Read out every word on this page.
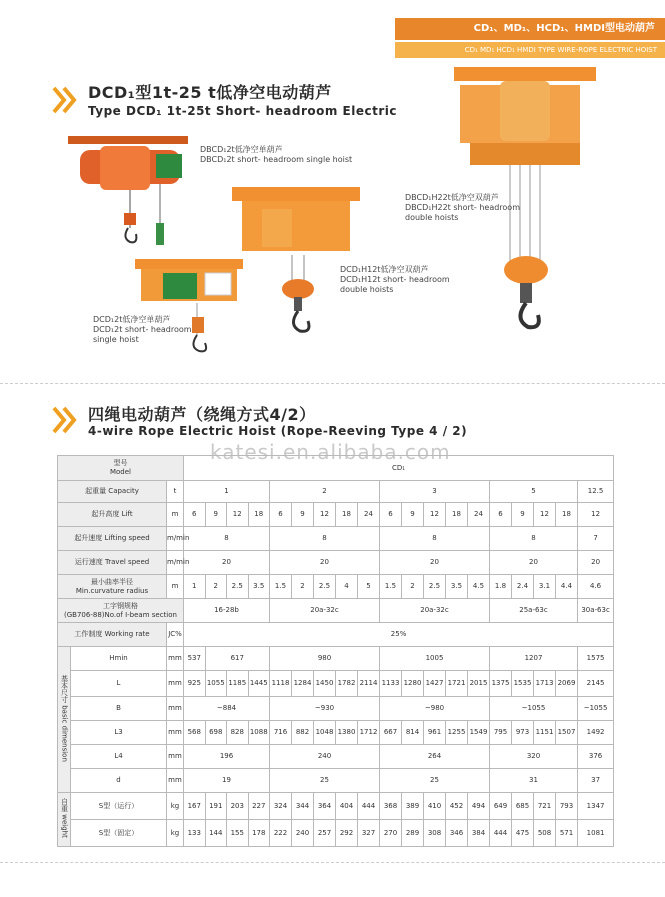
CD₁、MD₁、HCD₁、HMDI型电动葫芦
CD₁ MD₁ HCD₁ HMDI TYPE WIRE-ROPE ELECTRIC HOIST
DCD₁型1t-25 t低净空电动葫芦
Type DCD₁ 1t-25t Short- headroom Electric
DBCD₁2t低净空单葫芦
DBCD₁2t short- headroom single hoist
DBCD₁H22t低净空双葫芦
DBCD₁H22t short- headroom
double hoists
DCD₁H12t低净空双葫芦
DCD₁H12t short- headroom
double hoists
DCD₁2t低净空单葫芦
DCD₁2t short- headroom
single hoist
四绳电动葫芦（绕绳方式4/2）
4-wire Rope Electric Hoist (Rope-Reeving Type 4 / 2)
katesi.en.alibaba.com
型号
Model			CD₁																		
起重量 Capacity		t	1				2					3					5				12.5
起升高度 Lift		m	6	9	12	18	6	9	12	18	24	6	9	12	18	24	6	9	12	18	12
起升速度 Lifting speed		m/min	8				8					8					8				7
运行速度 Travel speed		m/min	20				20					20					20				20
最小曲率半径
Min.curvature radius		m	1	2	2.5	3.5	1.5	2	2.5	4	5	1.5	2	2.5	3.5	4.5	1.8	2.4	3.1	4.4	4.6
工字钢规格
(GB706-88)No.of I-beam section			16-28b				20a-32c					20a-32c					25a-63c				30a-63c
工作制度 Working rate		JC%	25%																		
基本尺寸 basic dimension	Hmin	mm	537	617			980					1005					1207				1575
	L	mm	925	1055	1185	1445	1118	1284	1450	1782	2114	1133	1280	1427	1721	2015	1375	1535	1713	2069	2145
	B	mm	~884				~930					~980					~1055				~1055
	L3	mm	568	698	828	1088	716	882	1048	1380	1712	667	814	961	1255	1549	795	973	1151	1507	1492
	L4	mm	196				240					264					320				376
	d	mm	19				25					25					31				37
自重 weight	S型（运行）	kg	167	191	203	227	324	344	364	404	444	368	389	410	452	494	649	685	721	793	1347
	S型（固定）	kg	133	144	155	178	222	240	257	292	327	270	289	308	346	384	444	475	508	571	1081
